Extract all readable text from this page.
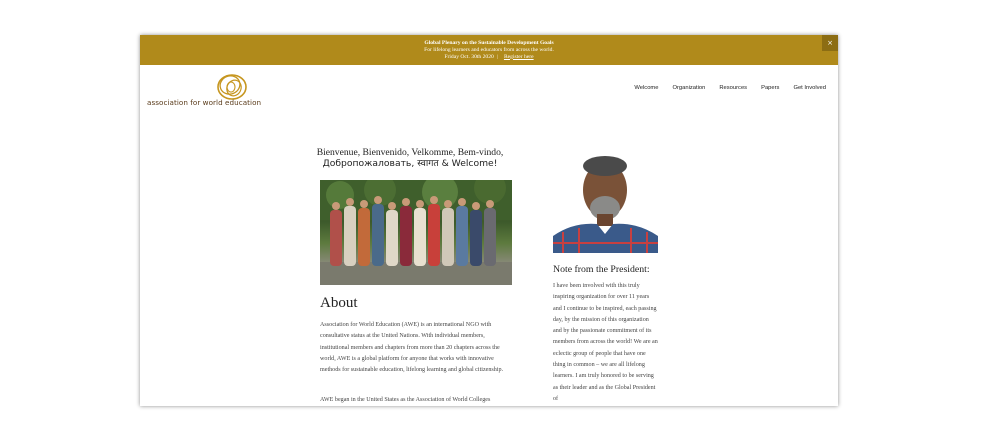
Global Plenary on the Sustainable Development Goals
For lifelong learners and educators from across the world.
Friday Oct. 30th 2020 | Register here
×
association for world education
Welcome Organization Resources Papers Get Involved
Bienvenue, Bienvenido, Velkomme, Bem-vindo,
Добропожаловать, स्वागत & Welcome!
About

Association for World Education (AWE) is an international NGO with consultative status at the United Nations. With individual members, institutional members and chapters from more than 20 chapters across the world, AWE is a global platform for anyone that works with innovative methods for sustainable education, lifelong learning and global citizenship.

AWE began in the United States as the Association of World Colleges

Note from the President:

I have been involved with this truly inspiring organization for over 11 years and I continue to be inspired, each passing day, by the mission of this organization and by the passionate commitment of its members from across the world! We are an eclectic group of people that have one thing in common – we are all lifelong learners. I am truly honored to be serving as their leader and as the Global President of
